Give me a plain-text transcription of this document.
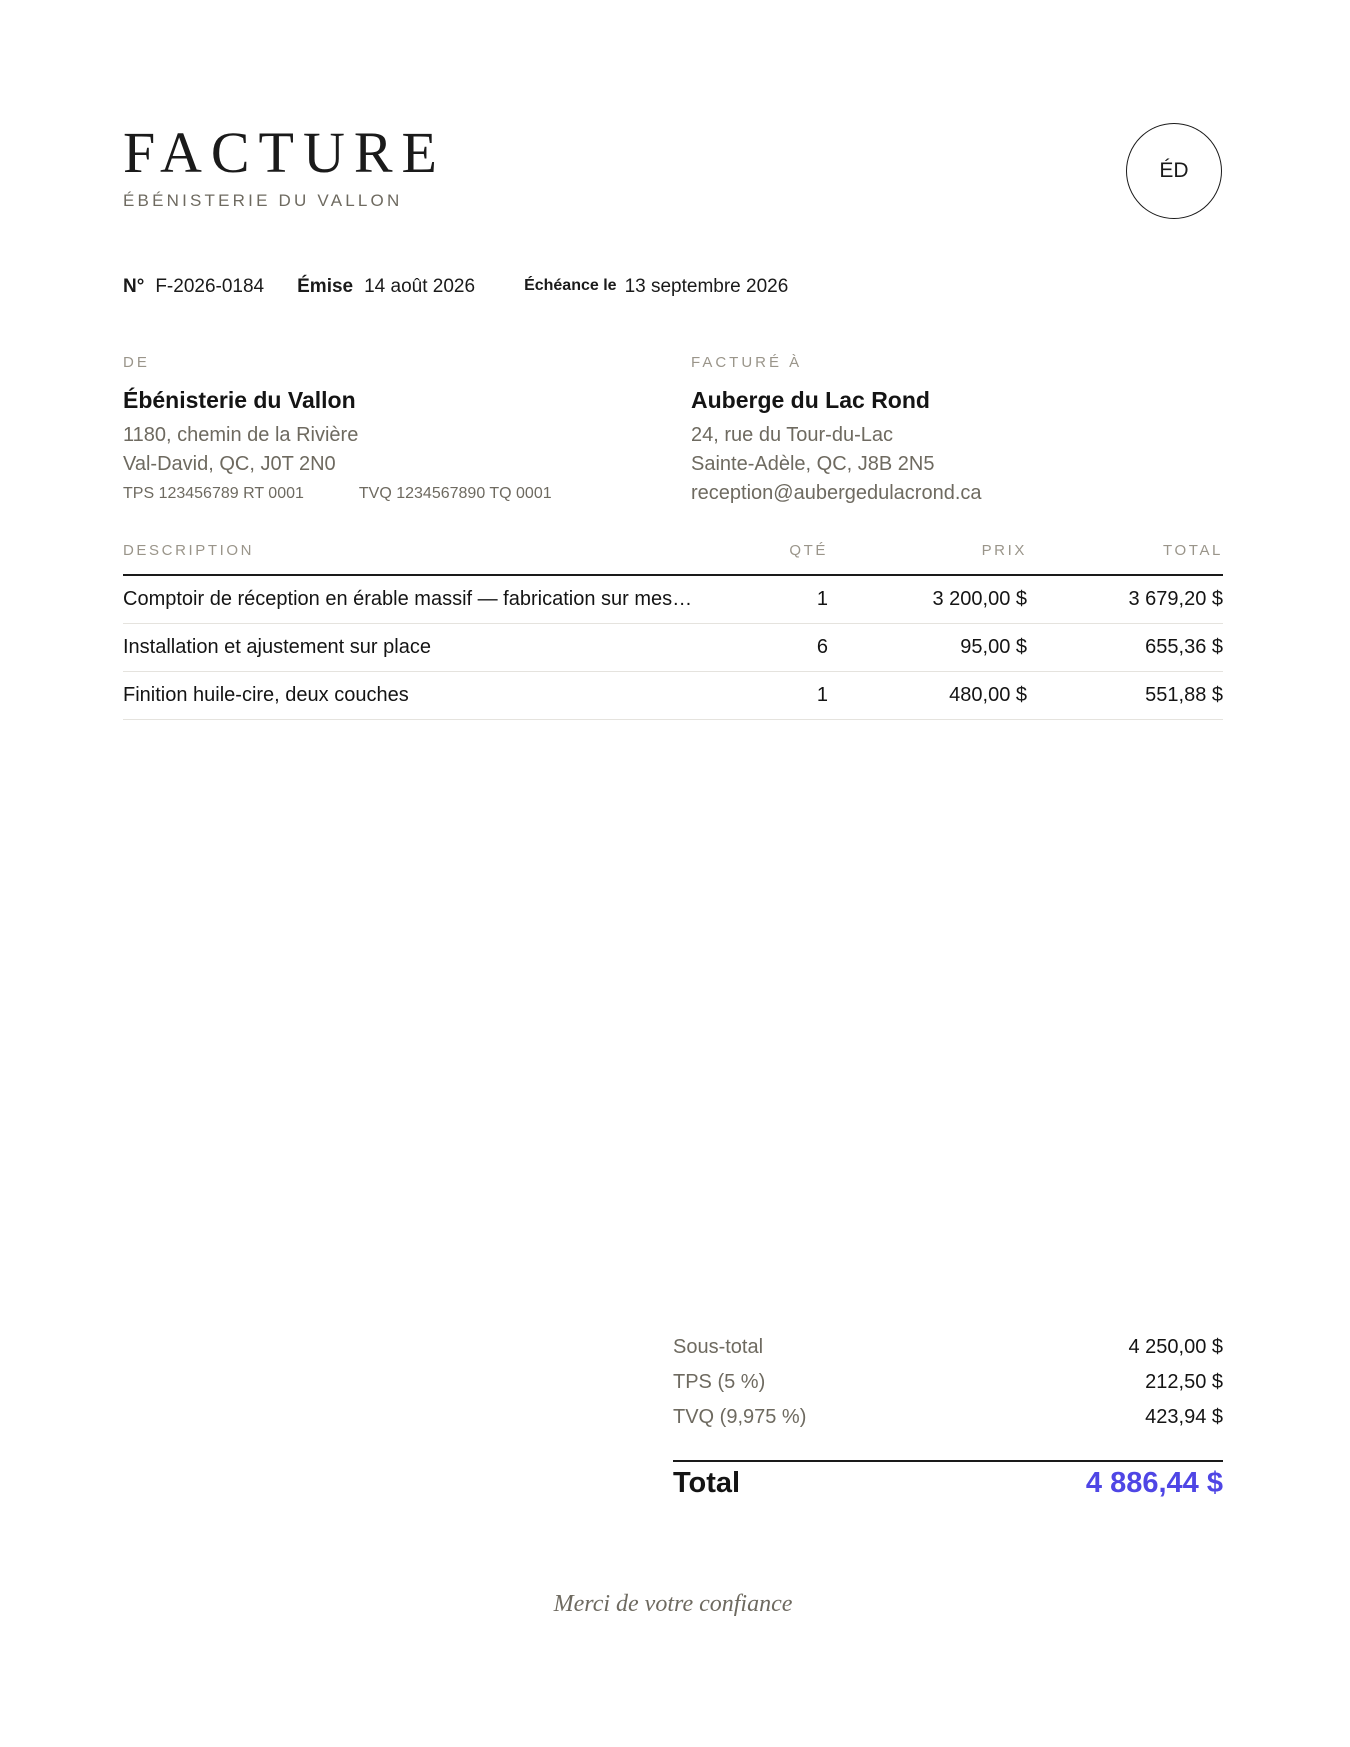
FACTURE
ÉBÉNISTERIE DU VALLON
ÉD
N° F-2026-0184 Émise 14 août 2026	Échéance le 13 septembre 2026
DE
Ébénisterie du Vallon
1180, chemin de la Rivière
Val-David, QC, J0T 2N0
TPS 123456789 RT 0001	TVQ 1234567890 TQ 0001
FACTURÉ À
Auberge du Lac Rond
24, rue du Tour-du-Lac
Sainte-Adèle, QC, J8B 2N5
reception@aubergedulacrond.ca
DESCRIPTION	QTÉ	PRIX	TOTAL
Comptoir de réception en érable massif — fabrication sur mes…	1	3 200,00 $	3 679,20 $
Installation et ajustement sur place	6	95,00 $	655,36 $
Finition huile-cire, deux couches	1	480,00 $	551,88 $
Sous-total	4 250,00 $
TPS (5 %)	212,50 $
TVQ (9,975 %)	423,94 $
Total	4 886,44 $
Merci de votre confiance
